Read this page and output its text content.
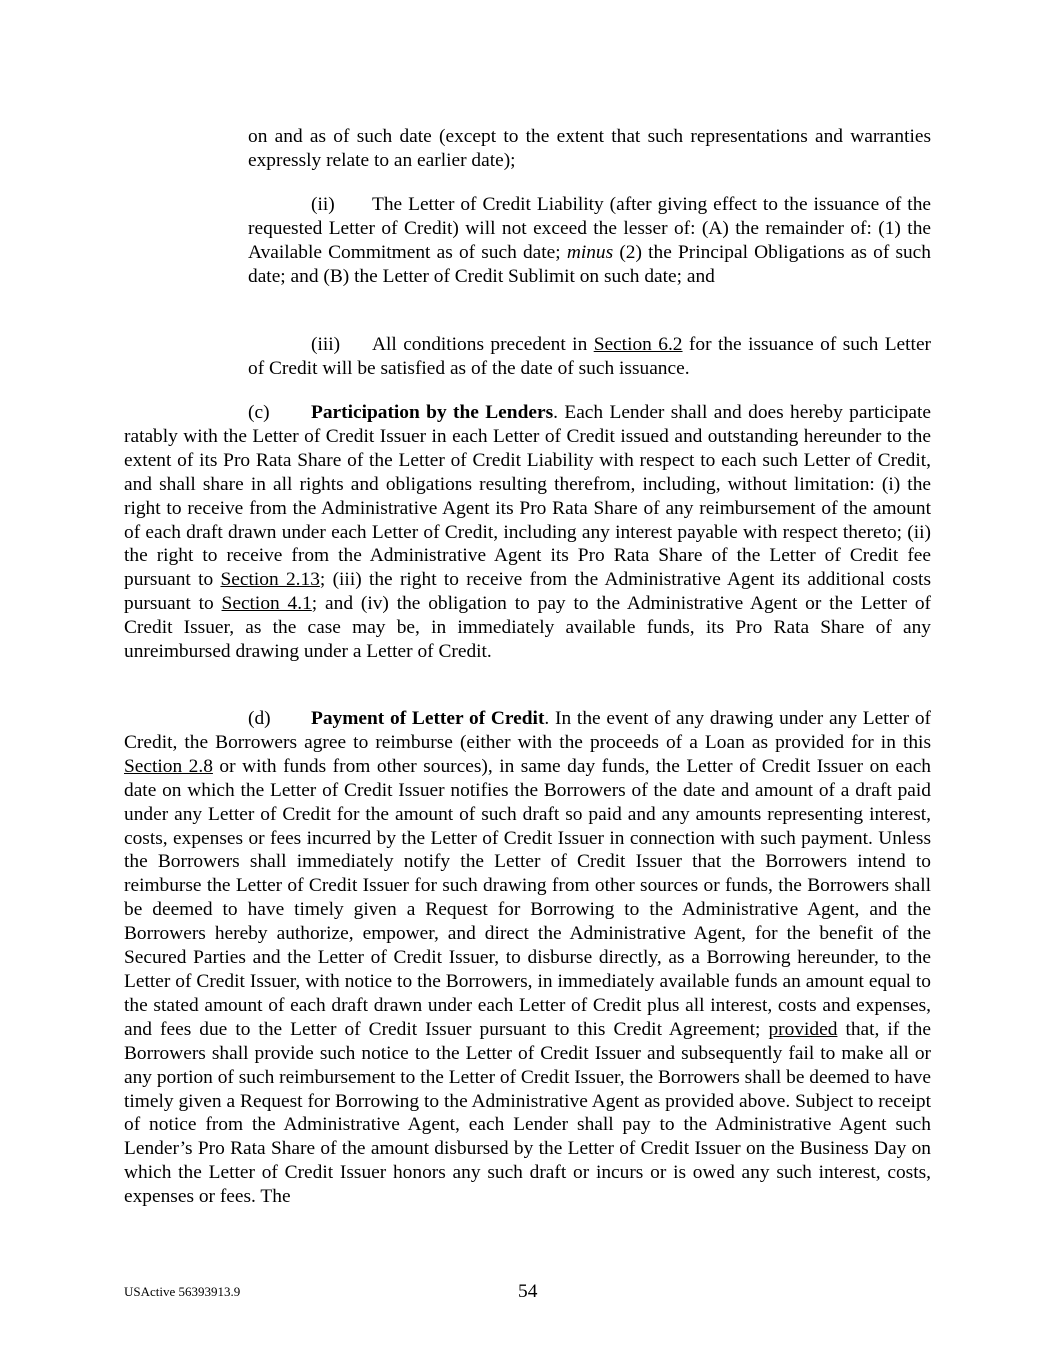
on and as of such date (except to the extent that such representations and warranties expressly relate to an earlier date);

(ii) The Letter of Credit Liability (after giving effect to the issuance of the requested Letter of Credit) will not exceed the lesser of: (A) the remainder of: (1) the Available Commitment as of such date; minus (2) the Principal Obligations as of such date; and (B) the Letter of Credit Sublimit on such date; and

(iii) All conditions precedent in Section 6.2 for the issuance of such Letter of Credit will be satisfied as of the date of such issuance.

(c) Participation by the Lenders. Each Lender shall and does hereby participate ratably with the Letter of Credit Issuer in each Letter of Credit issued and outstanding hereunder to the extent of its Pro Rata Share of the Letter of Credit Liability with respect to each such Letter of Credit, and shall share in all rights and obligations resulting therefrom, including, without limitation: (i) the right to receive from the Administrative Agent its Pro Rata Share of any reimbursement of the amount of each draft drawn under each Letter of Credit, including any interest payable with respect thereto; (ii) the right to receive from the Administrative Agent its Pro Rata Share of the Letter of Credit fee pursuant to Section 2.13; (iii) the right to receive from the Administrative Agent its additional costs pursuant to Section 4.1; and (iv) the obligation to pay to the Administrative Agent or the Letter of Credit Issuer, as the case may be, in immediately available funds, its Pro Rata Share of any unreimbursed drawing under a Letter of Credit.

(d) Payment of Letter of Credit. In the event of any drawing under any Letter of Credit, the Borrowers agree to reimburse (either with the proceeds of a Loan as provided for in this Section 2.8 or with funds from other sources), in same day funds, the Letter of Credit Issuer on each date on which the Letter of Credit Issuer notifies the Borrowers of the date and amount of a draft paid under any Letter of Credit for the amount of such draft so paid and any amounts representing interest, costs, expenses or fees incurred by the Letter of Credit Issuer in connection with such payment. Unless the Borrowers shall immediately notify the Letter of Credit Issuer that the Borrowers intend to reimburse the Letter of Credit Issuer for such drawing from other sources or funds, the Borrowers shall be deemed to have timely given a Request for Borrowing to the Administrative Agent, and the Borrowers hereby authorize, empower, and direct the Administrative Agent, for the benefit of the Secured Parties and the Letter of Credit Issuer, to disburse directly, as a Borrowing hereunder, to the Letter of Credit Issuer, with notice to the Borrowers, in immediately available funds an amount equal to the stated amount of each draft drawn under each Letter of Credit plus all interest, costs and expenses, and fees due to the Letter of Credit Issuer pursuant to this Credit Agreement; provided that, if the Borrowers shall provide such notice to the Letter of Credit Issuer and subsequently fail to make all or any portion of such reimbursement to the Letter of Credit Issuer, the Borrowers shall be deemed to have timely given a Request for Borrowing to the Administrative Agent as provided above. Subject to receipt of notice from the Administrative Agent, each Lender shall pay to the Administrative Agent such Lender’s Pro Rata Share of the amount disbursed by the Letter of Credit Issuer on the Business Day on which the Letter of Credit Issuer honors any such draft or incurs or is owed any such interest, costs, expenses or fees. The

USActive 56393913.9	54
